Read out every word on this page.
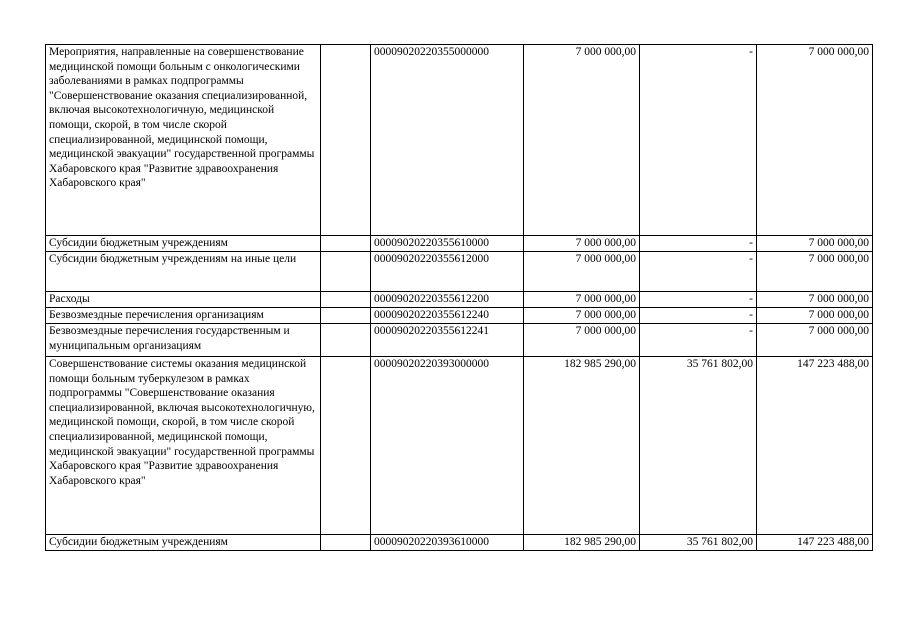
Мероприятия, направленные на совершенствование медицинской помощи больным с онкологическими заболеваниями в рамках подпрограммы "Совершенствование оказания специализированной, включая высокотехнологичную, медицинской помощи, скорой, в том числе скорой специализированной, медицинской помощи, медицинской эвакуации" государственной программы Хабаровского края "Развитие здравоохранения Хабаровского края"		00009020220355000000	7 000 000,00	-	7 000 000,00
Субсидии бюджетным учреждениям		00009020220355610000	7 000 000,00	-	7 000 000,00
Субсидии бюджетным учреждениям на иные цели		00009020220355612000	7 000 000,00	-	7 000 000,00
Расходы		00009020220355612200	7 000 000,00	-	7 000 000,00
Безвозмездные перечисления организациям		00009020220355612240	7 000 000,00	-	7 000 000,00
Безвозмездные перечисления государственным и муниципальным организациям		00009020220355612241	7 000 000,00	-	7 000 000,00
Совершенствование системы оказания медицинской помощи больным туберкулезом в рамках подпрограммы "Совершенствование оказания специализированной, включая высокотехнологичную, медицинской помощи, скорой, в том числе скорой специализированной, медицинской помощи, медицинской эвакуации" государственной программы Хабаровского края "Развитие здравоохранения Хабаровского края"		00009020220393000000	182 985 290,00	35 761 802,00	147 223 488,00
Субсидии бюджетным учреждениям		00009020220393610000	182 985 290,00	35 761 802,00	147 223 488,00
